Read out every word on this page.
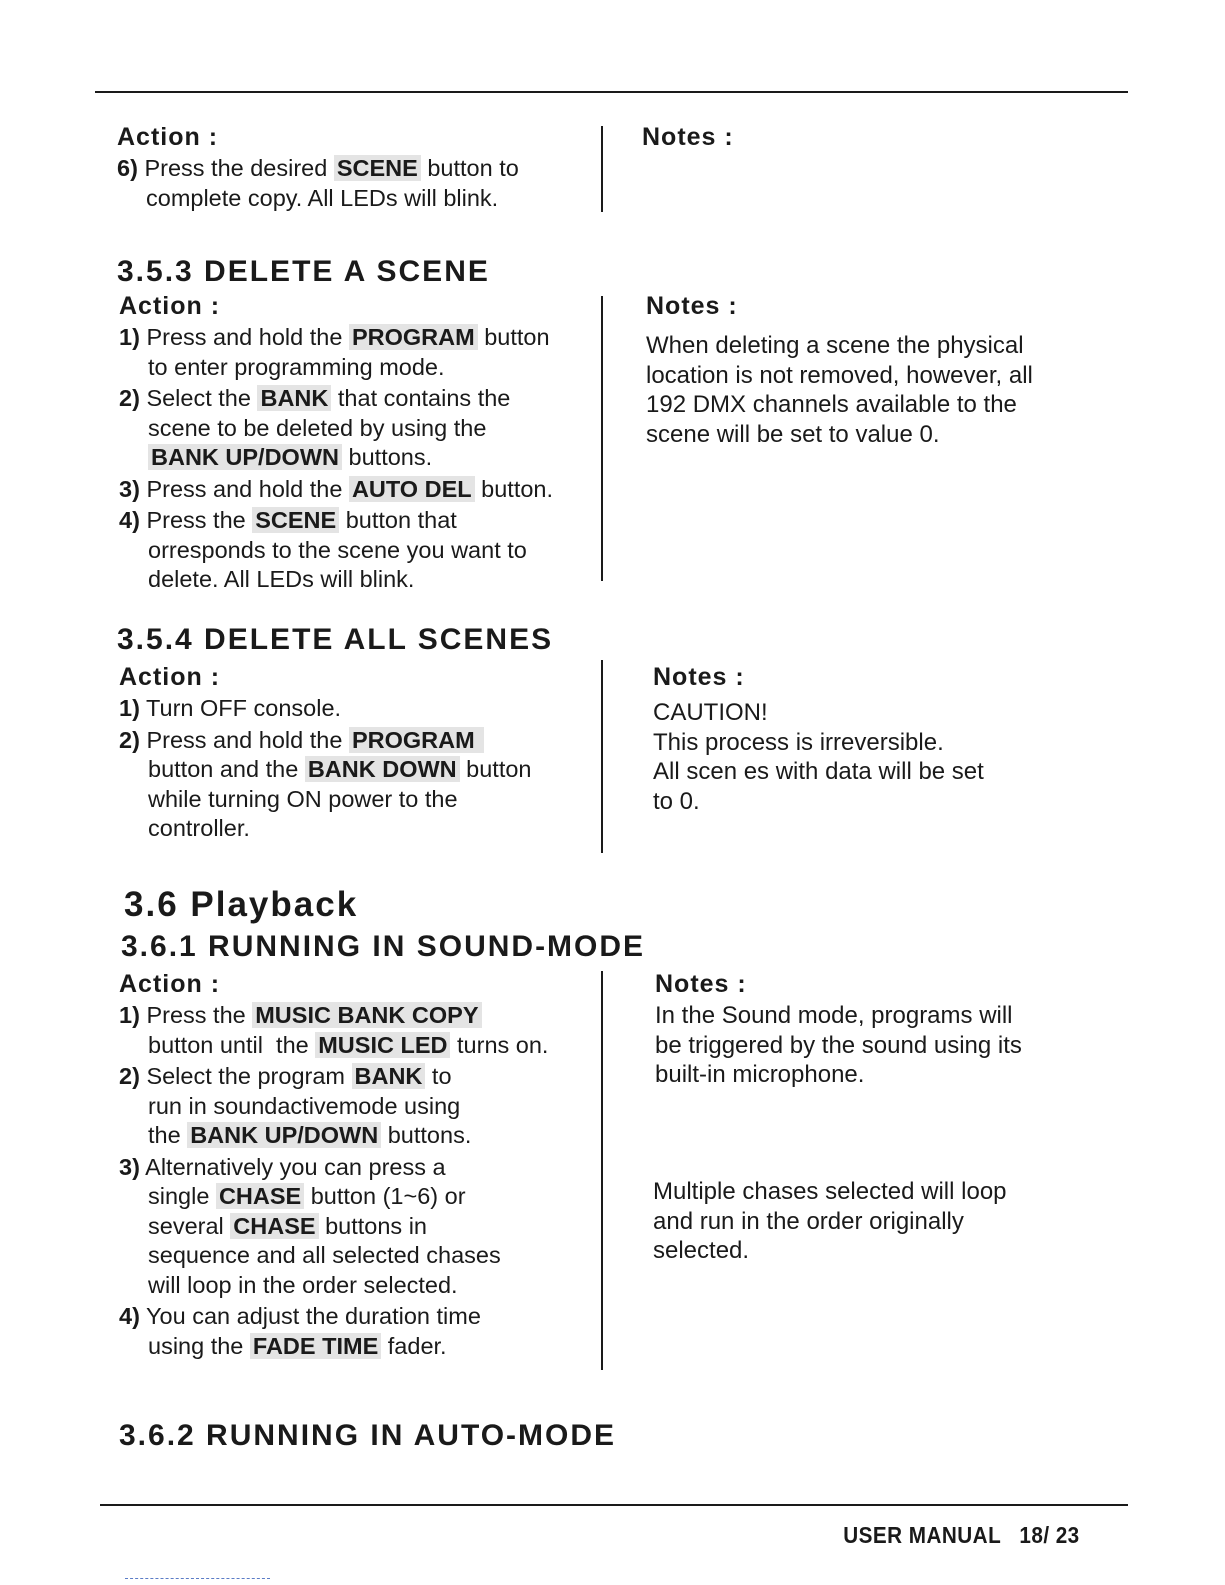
Action :

6) Press the desired SCENE button to

complete copy. All LEDs will blink.

Notes :

3.5.3 DELETE A SCENE

Action :

1) Press and hold the PROGRAM button

to enter programming mode.

2) Select the BANK that contains the

scene to be deleted by using the

BANK UP/DOWN buttons.

3) Press and hold the AUTO DEL button.

4) Press the SCENE button that

orresponds to the scene you want to

delete. All LEDs will blink.

Notes :

When deleting a scene the physical

location is not removed, however, all

192 DMX channels available to the

scene will be set to value 0.

3.5.4 DELETE ALL SCENES

Action :

1) Turn OFF console.

2) Press and hold the PROGRAM

button and the BANK DOWN button

while turning ON power to the

controller.

Notes :

CAUTION!

This process is irreversible.

All scen es with data will be set

to 0.

3.6 Playback

3.6.1 RUNNING IN SOUND-MODE

Action :

1) Press the MUSIC BANK COPY

button until  the MUSIC LED turns on.

2) Select the program BANK to

run in soundactivemode using

the BANK UP/DOWN buttons.

3) Alternatively you can press a

single CHASE button (1~6) or

several CHASE buttons in

sequence and all selected chases

will loop in the order selected.

4) You can adjust the duration time

using the FADE TIME fader.

Notes :

In the Sound mode, programs will

be triggered by the sound using its

built-in microphone.

Multiple chases selected will loop

and run in the order originally

selected.

3.6.2 RUNNING IN AUTO-MODE

USER MANUAL   18/ 23
